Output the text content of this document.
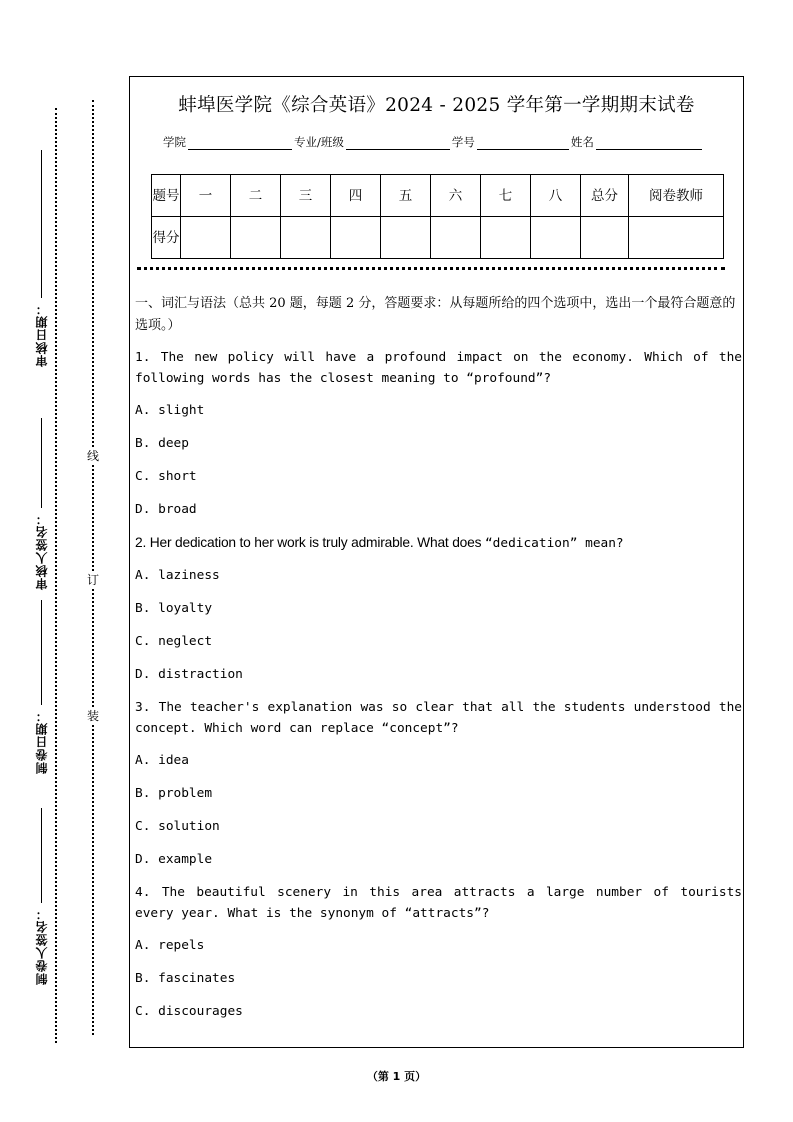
审核日期：
审核人签名：
制卷日期：
制卷人签名：
线
订
装
蚌埠医学院《综合英语》2024 - 2025 学年第一学期期末试卷
学院	专业/班级	学号	姓名
题号	一	二	三	四	五	六	七	八	总分	阅卷教师
得分										

一、词汇与语法（总共 20 题，每题 2 分，答题要求：从每题所给的四个选项中，选出一个最符合题意的选项。）

1. The new policy will have a profound impact on the economy. Which of the following words has the closest meaning to “profound”?

A. slight

B. deep

C. short

D. broad

2. Her dedication to her work is truly admirable. What does “dedication” mean?

A. laziness

B. loyalty

C. neglect

D. distraction

3. The teacher's explanation was so clear that all the students understood the concept. Which word can replace “concept”?

A. idea

B. problem

C. solution

D. example

4. The beautiful scenery in this area attracts a large number of tourists every year. What is the synonym of “attracts”?

A. repels

B. fascinates

C. discourages

（第 1 页）
